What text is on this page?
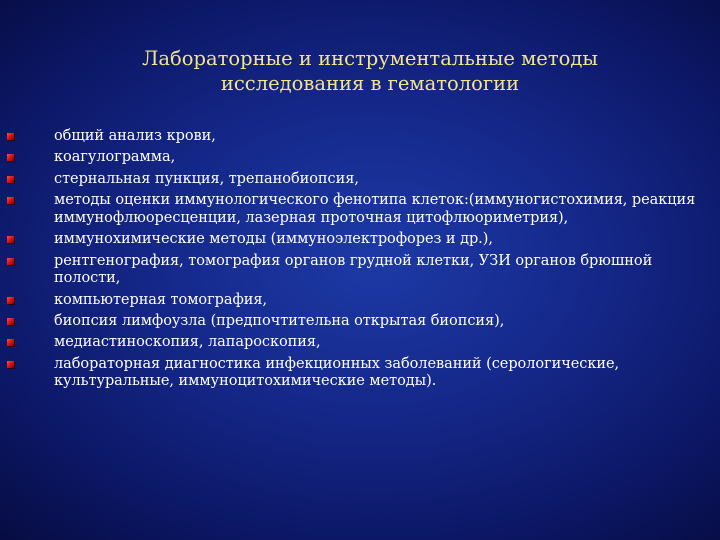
Лабораторные и инструментальные методы
исследования в гематологии
общий анализ крови,
коагулограмма,
стернальная пункция, трепанобиопсия,
методы оценки иммунологического фенотипа клеток:(иммуногистохимия, реакция иммунофлюоресценции, лазерная проточная цитофлюориметрия),
иммунохимические методы (иммуноэлектрофорез и др.),
рентгенография, томография органов грудной клетки, УЗИ органов брюшной полости,
компьютерная томография,
биопсия лимфоузла (предпочтительна открытая биопсия),
медиастиноскопия, лапароскопия,
лабораторная диагностика инфекционных заболеваний (серологические, культуральные, иммуноцитохимические методы).
